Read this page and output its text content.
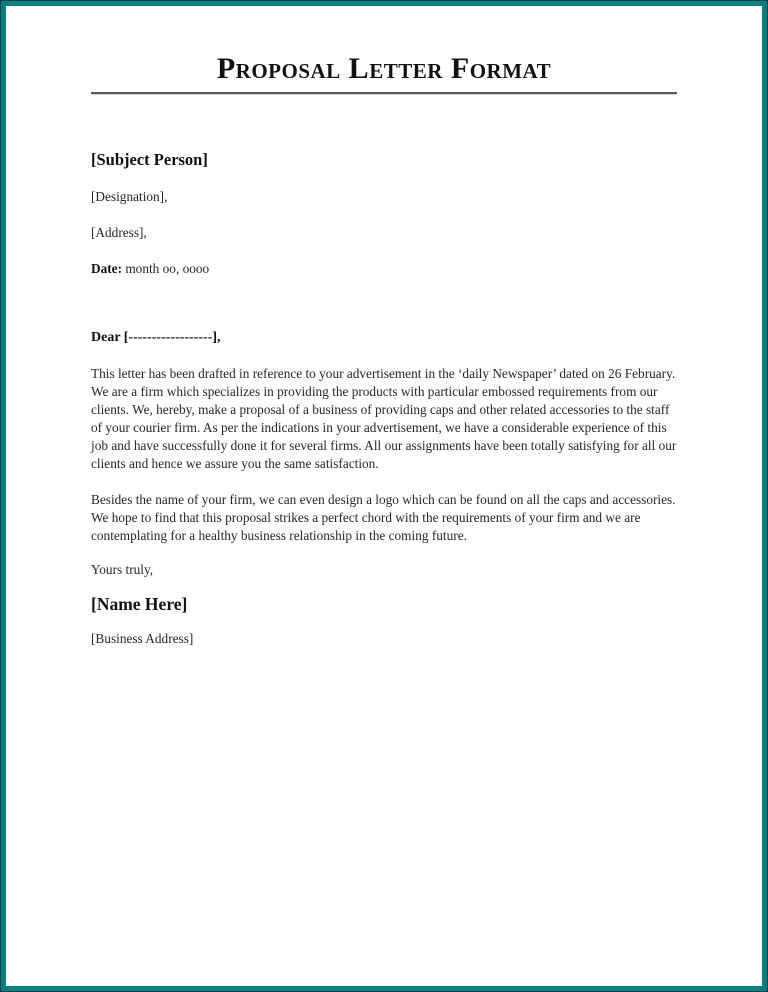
Proposal Letter Format
[Subject Person]
[Designation],
[Address],
Date: month oo, oooo
Dear [------------------],

This letter has been drafted in reference to your advertisement in the ‘daily Newspaper’ dated on 26 February. We are a firm which specializes in providing the products with particular embossed requirements from our clients. We, hereby, make a proposal of a business of providing caps and other related accessories to the staff of your courier firm. As per the indications in your advertisement, we have a considerable experience of this job and have successfully done it for several firms. All our assignments have been totally satisfying for all our clients and hence we assure you the same satisfaction.

Besides the name of your firm, we can even design a logo which can be found on all the caps and accessories. We hope to find that this proposal strikes a perfect chord with the requirements of your firm and we are contemplating for a healthy business relationship in the coming future.

Yours truly,
[Name Here]
[Business Address]
